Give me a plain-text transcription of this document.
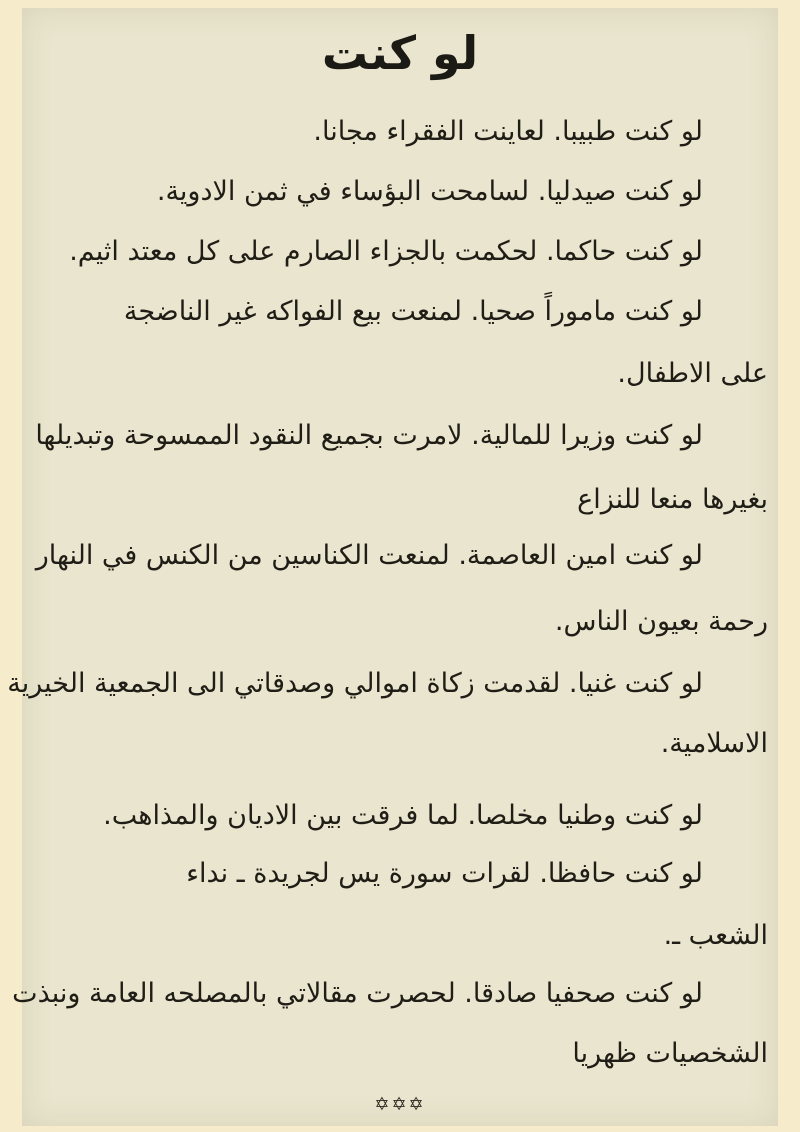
لو كنت
لو كنت طبيبا. لعاينت الفقراء مجانا.
لو كنت صيدليا. لسامحت البؤساء في ثمن الادوية.
لو كنت حاكما. لحكمت بالجزاء الصارم على كل معتد اثيم.
لو كنت ماموراً صحيا. لمنعت بيع الفواكه غير الناضجة
على الاطفال.
لو كنت وزيرا للمالية. لامرت بجميع النقود الممسوحة وتبديلها
بغيرها منعا للنزاع
لو كنت امين العاصمة. لمنعت الكناسين من الكنس في النهار
رحمة بعيون الناس.
لو كنت غنيا. لقدمت زكاة اموالي وصدقاتي الى الجمعية الخيرية
الاسلامية.
لو كنت وطنيا مخلصا. لما فرقت بين الاديان والمذاهب.
لو كنت حافظا. لقرات سورة يس لجريدة ـ نداء
الشعب ـ.
لو كنت صحفيا صادقا. لحصرت مقالاتي بالمصلحه العامة ونبذت
الشخصيات ظهريا
✡✡✡
